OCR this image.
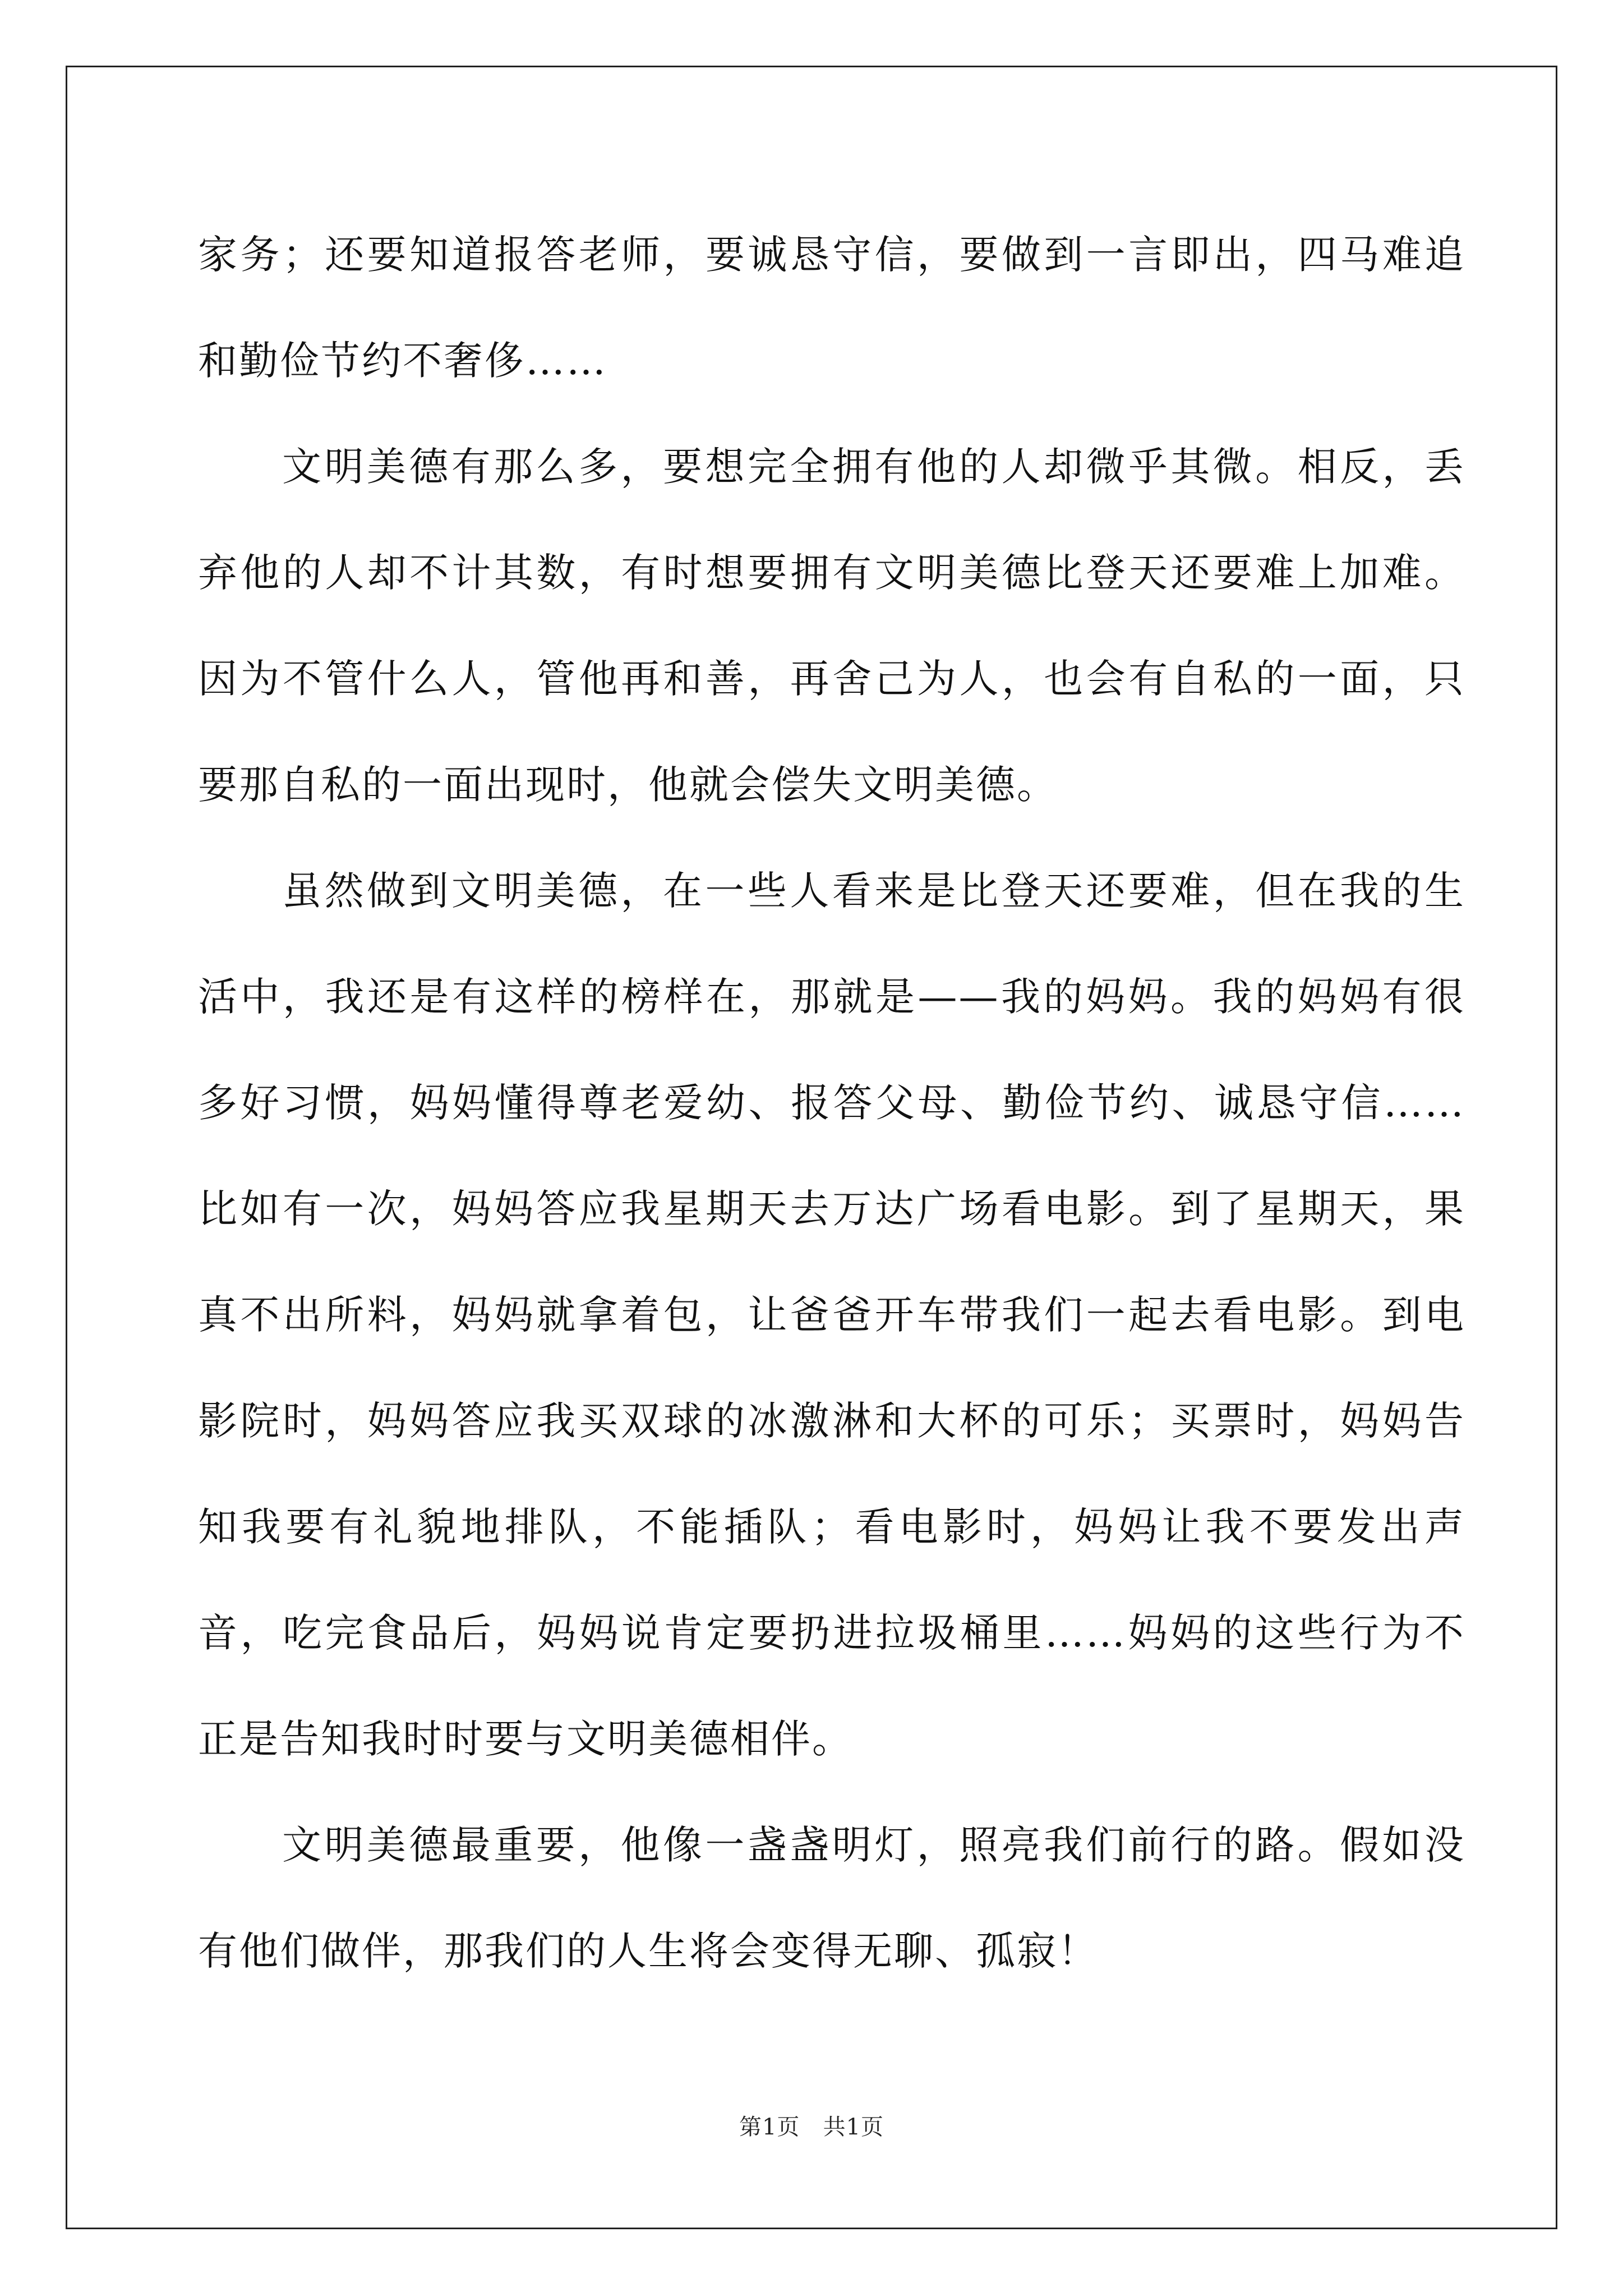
家务；还要知道报答老师，要诚恳守信，要做到一言即出，四马难追和勤俭节约不奢侈……

文明美德有那么多，要想完全拥有他的人却微乎其微。相反，丢弃他的人却不计其数，有时想要拥有文明美德比登天还要难上加难。因为不管什么人，管他再和善，再舍己为人，也会有自私的一面，只要那自私的一面出现时，他就会偿失文明美德。

虽然做到文明美德，在一些人看来是比登天还要难，但在我的生活中，我还是有这样的榜样在，那就是——我的妈妈。我的妈妈有很多好习惯，妈妈懂得尊老爱幼、报答父母、勤俭节约、诚恳守信……比如有一次，妈妈答应我星期天去万达广场看电影。到了星期天，果真不出所料，妈妈就拿着包，让爸爸开车带我们一起去看电影。到电影院时，妈妈答应我买双球的冰激淋和大杯的可乐；买票时，妈妈告知我要有礼貌地排队，不能插队；看电影时，妈妈让我不要发出声音，吃完食品后，妈妈说肯定要扔进拉圾桶里……妈妈的这些行为不正是告知我时时要与文明美德相伴。

文明美德最重要，他像一盏盏明灯，照亮我们前行的路。假如没有他们做伴，那我们的人生将会变得无聊、孤寂！

第1页 共1页
